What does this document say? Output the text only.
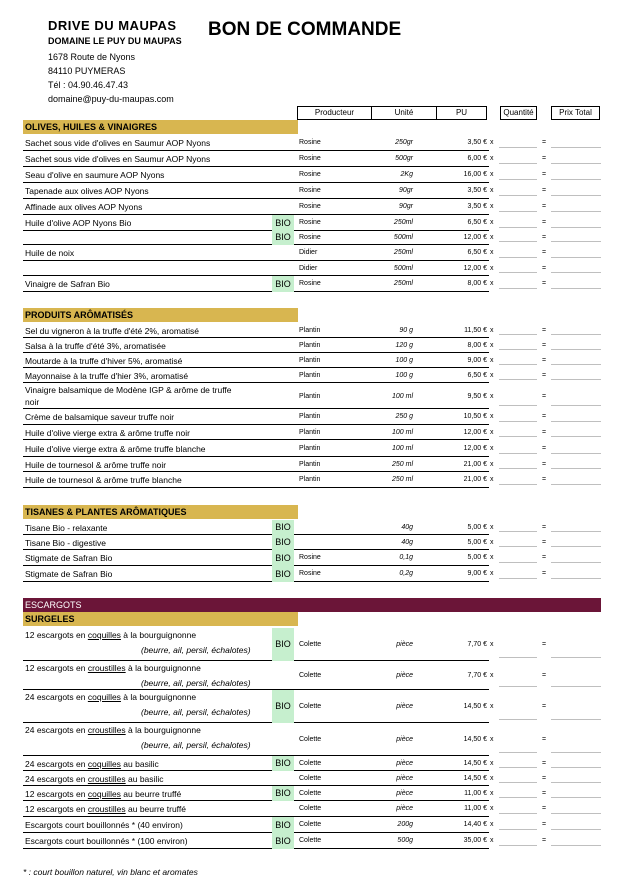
DRIVE DU MAUPAS
DOMAINE LE PUY DU MAUPAS
1678 Route de Nyons
84110 PUYMERAS
Tél : 04.90.46.47.43
domaine@puy-du-maupas.com
BON DE COMMANDE
Producteur	Unité	PU	Quantité	Prix Total
OLIVES, HUILES & VINAIGRES
PRODUITS ARÔMATISÉS
TISANES & PLANTES ARÔMATIQUES
ESCARGOTS
SURGELES
Sachet sous vide d'olives en Saumur AOP Nyons	Rosine	250gr	3,50 € x	=
Sachet sous vide d'olives en Saumur AOP Nyons	Rosine	500gr	6,00 € x	=
Seau d'olive en saumure AOP Nyons	Rosine	2Kg	16,00 € x	=
Tapenade aux olives AOP Nyons	Rosine	90gr	3,50 € x	=
Affinade aux olives AOP Nyons	Rosine	90gr	3,50 € x	=
Huile d'olive AOP Nyons Bio	BIO	Rosine	250ml	6,50 € x	=
BIO	Rosine	500ml	12,00 € x	=
Huile de noix	Didier	250ml	6,50 € x	=
Didier	500ml	12,00 € x	=
Vinaigre de Safran Bio	BIO	Rosine	250ml	8,00 € x	=
Sel du vigneron à la truffe d'été 2%, aromatisé	Plantin	90 g	11,50 € x	=
Salsa à la truffe d'été 3%, aromatisée	Plantin	120 g	8,00 € x	=
Moutarde à la truffe d'hiver 5%, aromatisé	Plantin	100 g	9,00 € x	=
Mayonnaise à la truffe d'hier 3%, aromatisé	Plantin	100 g	6,50 € x	=
Vinaigre balsamique de Modène IGP & arôme de truffe
noir
Plantin	100 ml	9,50 € x	=
Crème de balsamique saveur truffe noir	Plantin	250 g	10,50 € x	=
Huile d'olive vierge extra & arôme truffe noir	Plantin	100 ml	12,00 € x	=
Huile d'olive vierge extra & arôme truffe blanche	Plantin	100 ml	12,00 € x	=
Huile de tournesol & arôme truffe noir	Plantin	250 ml	21,00 € x	=
Huile de tournesol & arôme truffe blanche	Plantin	250 ml	21,00 € x	=
Tisane Bio - relaxante	BIO	40g	5,00 € x	=
Tisane Bio - digestive	BIO	40g	5,00 € x	=
Stigmate de Safran Bio	BIO	Rosine	0,1g	5,00 € x	=
Stigmate de Safran Bio	BIO	Rosine	0,2g	9,00 € x	=
12 escargots en coquilles à la bourguignonne
(beurre, ail, persil, échalotes)
BIO	Colette	pièce	7,70 € x	=
12 escargots en croustilles à la bourguignonne
(beurre, ail, persil, échalotes)
Colette	pièce	7,70 € x	=
24 escargots en coquilles à la bourguignonne
(beurre, ail, persil, échalotes)
BIO	Colette	pièce	14,50 € x	=
24 escargots en croustilles à la bourguignonne
(beurre, ail, persil, échalotes)
Colette	pièce	14,50 € x	=
24 escargots en coquilles au basilic	BIO	Colette	pièce	14,50 € x	=
24 escargots en croustilles au basilic	Colette	pièce	14,50 € x	=
12 escargots en coquilles au beurre truffé	BIO	Colette	pièce	11,00 € x	=
12 escargots en croustilles au beurre truffé	Colette	pièce	11,00 € x	=
Escargots court bouillonnés * (40 environ)	BIO	Colette	200g	14,40 € x	=
Escargots court bouillonnés * (100 environ)	BIO	Colette	500g	35,00 € x	=
* : court bouillon naturel, vin blanc et aromates
